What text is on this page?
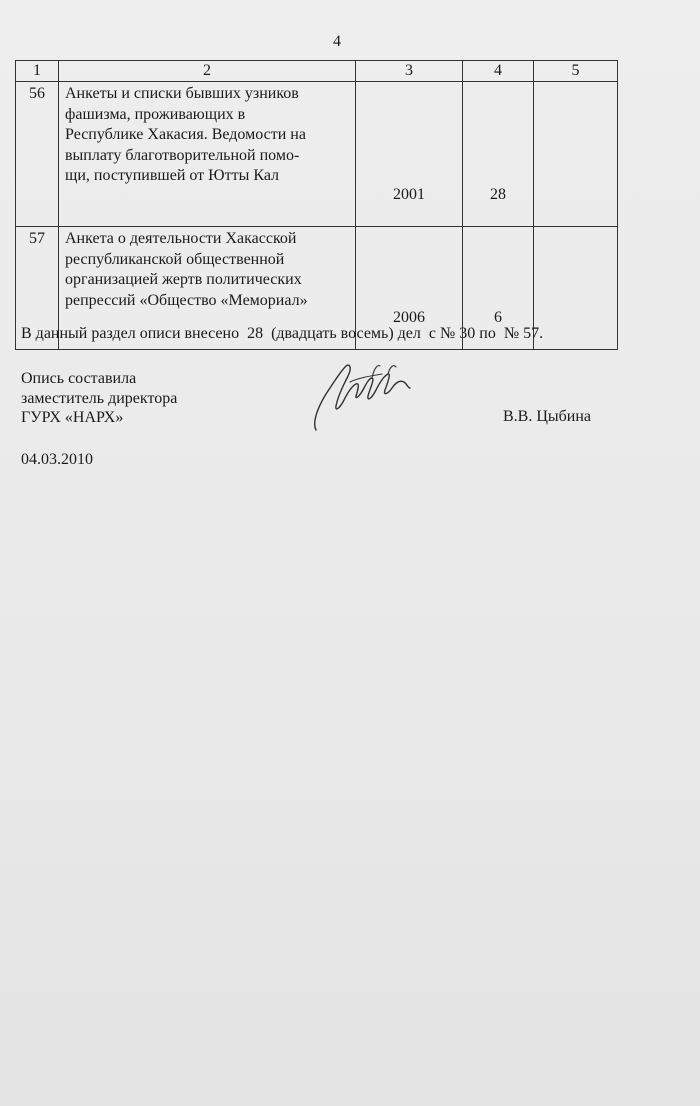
4
1	2	3	4	5
56	Анкеты и списки бывших узников
фашизма, проживающих в
Республике Хакасия. Ведомости на
выплату благотворительной помо-
щи, поступившей от Ютты Кал	2001	28	
57	Анкета о деятельности Хакасской
республиканской общественной
организацией жертв политических
репрессий «Общество «Мемориал»	2006	6	
В данный раздел описи внесено  28  (двадцать восемь) дел  с № 30 по  № 57.
Опись составила
заместитель директора
ГУРХ «НАРХ»	В.В. Цыбина
04.03.2010
